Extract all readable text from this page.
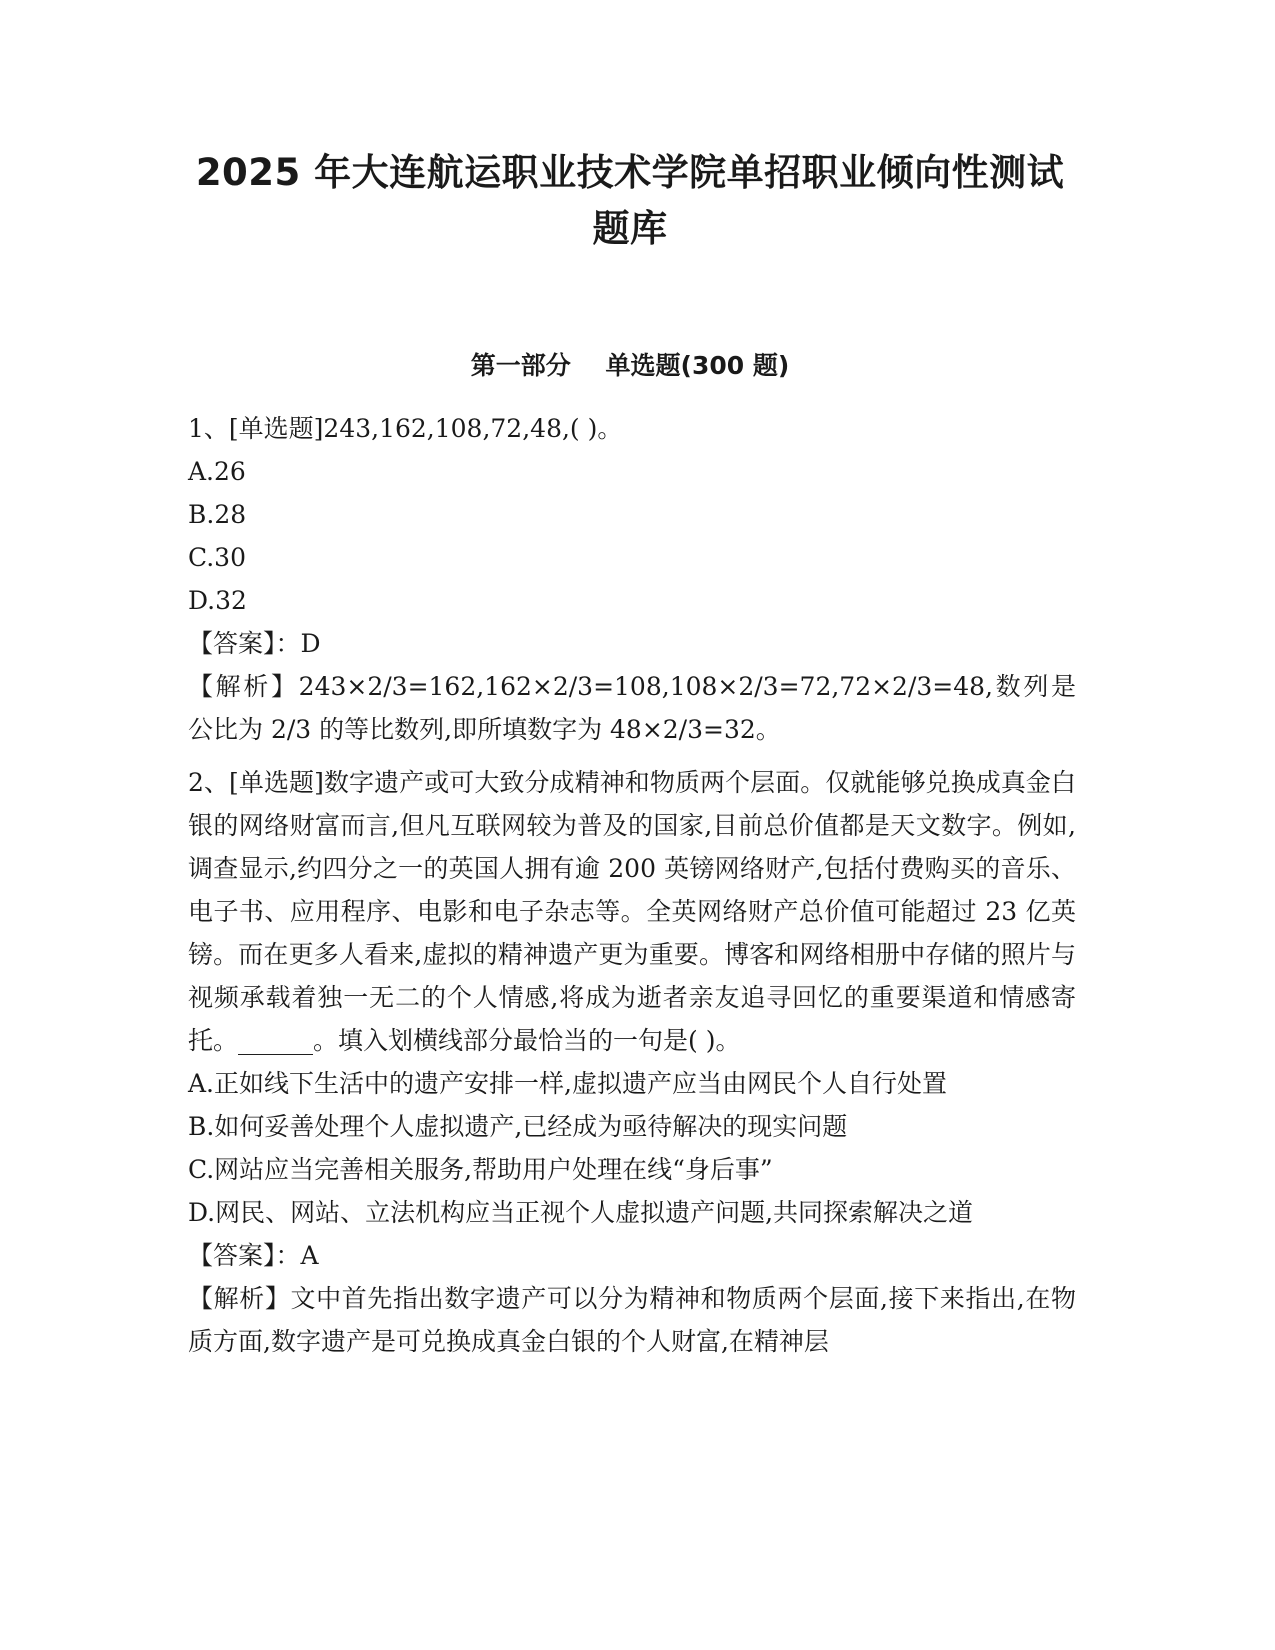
2025 年大连航运职业技术学院单招职业倾向性测试题库
第一部分    单选题(300 题)

1、[单选题]243,162,108,72,48,( )。

A.26

B.28

C.30

D.32

【答案】：D

【解析】243×2/3=162,162×2/3=108,108×2/3=72,72×2/3=48,数列是公比为 2/3 的等比数列,即所填数字为 48×2/3=32。

2、[单选题]数字遗产或可大致分成精神和物质两个层面。仅就能够兑换成真金白银的网络财富而言,但凡互联网较为普及的国家,目前总价值都是天文数字。例如,调查显示,约四分之一的英国人拥有逾 200 英镑网络财产,包括付费购买的音乐、电子书、应用程序、电影和电子杂志等。全英网络财产总价值可能超过 23 亿英镑。而在更多人看来,虚拟的精神遗产更为重要。博客和网络相册中存储的照片与视频承载着独一无二的个人情感,将成为逝者亲友追寻回忆的重要渠道和情感寄托。______。填入划横线部分最恰当的一句是( )。

A.正如线下生活中的遗产安排一样,虚拟遗产应当由网民个人自行处置

B.如何妥善处理个人虚拟遗产,已经成为亟待解决的现实问题

C.网站应当完善相关服务,帮助用户处理在线“身后事”

D.网民、网站、立法机构应当正视个人虚拟遗产问题,共同探索解决之道

【答案】：A

【解析】文中首先指出数字遗产可以分为精神和物质两个层面,接下来指出,在物质方面,数字遗产是可兑换成真金白银的个人财富,在精神层
